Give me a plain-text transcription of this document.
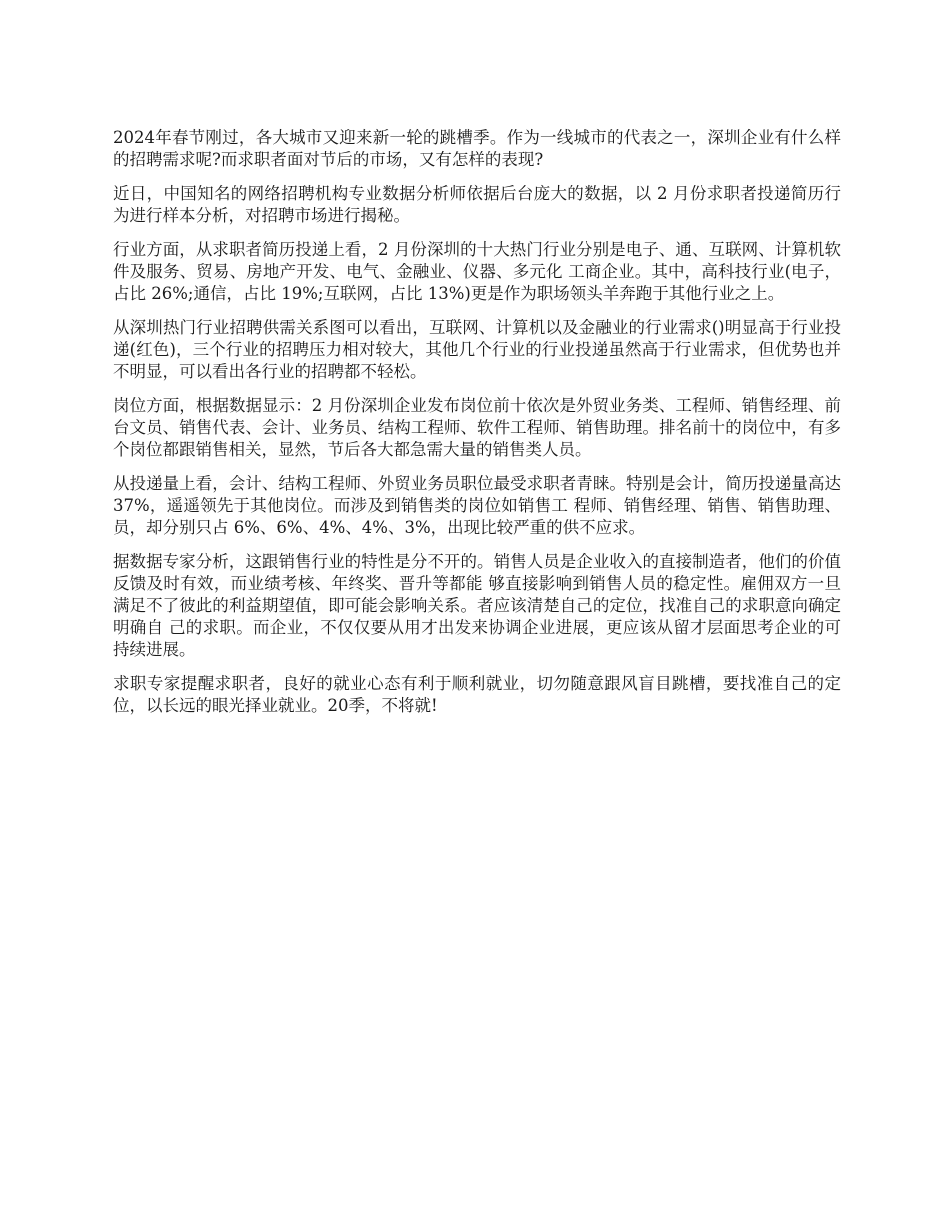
2024年春节刚过，各大城市又迎来新一轮的跳槽季。作为一线城市的代表之一，深圳企业有什么样的招聘需求呢?而求职者面对节后的市场，又有怎样的表现?

近日，中国知名的网络招聘机构专业数据分析师依据后台庞大的数据，以 2 月份求职者投递简历行为进行样本分析，对招聘市场进行揭秘。

行业方面，从求职者简历投递上看，2 月份深圳的十大热门行业分别是电子、通、互联网、计算机软件及服务、贸易、房地产开发、电气、金融业、仪器、多元化 工商企业。其中，高科技行业(电子，占比 26%;通信，占比 19%;互联网，占比 13%)更是作为职场领头羊奔跑于其他行业之上。

从深圳热门行业招聘供需关系图可以看出，互联网、计算机以及金融业的行业需求()明显高于行业投递(红色)，三个行业的招聘压力相对较大，其他几个行业的行业投递虽然高于行业需求，但优势也并不明显，可以看出各行业的招聘都不轻松。

岗位方面，根据数据显示：2 月份深圳企业发布岗位前十依次是外贸业务类、工程师、销售经理、前台文员、销售代表、会计、业务员、结构工程师、软件工程师、销售助理。排名前十的岗位中，有多个岗位都跟销售相关，显然，节后各大都急需大量的销售类人员。

从投递量上看，会计、结构工程师、外贸业务员职位最受求职者青睐。特别是会计，简历投递量高达 37%，遥遥领先于其他岗位。而涉及到销售类的岗位如销售工 程师、销售经理、销售、销售助理、员，却分别只占 6%、6%、4%、4%、3%，出现比较严重的供不应求。

据数据专家分析，这跟销售行业的特性是分不开的。销售人员是企业收入的直接制造者，他们的价值反馈及时有效，而业绩考核、年终奖、晋升等都能 够直接影响到销售人员的稳定性。雇佣双方一旦满足不了彼此的利益期望值，即可能会影响关系。者应该清楚自己的定位，找准自己的求职意向确定明确自 己的求职。而企业，不仅仅要从用才出发来协调企业进展，更应该从留才层面思考企业的可持续进展。

求职专家提醒求职者，良好的就业心态有利于顺利就业，切勿随意跟风盲目跳槽，要找准自己的定位，以长远的眼光择业就业。20季，不将就!
